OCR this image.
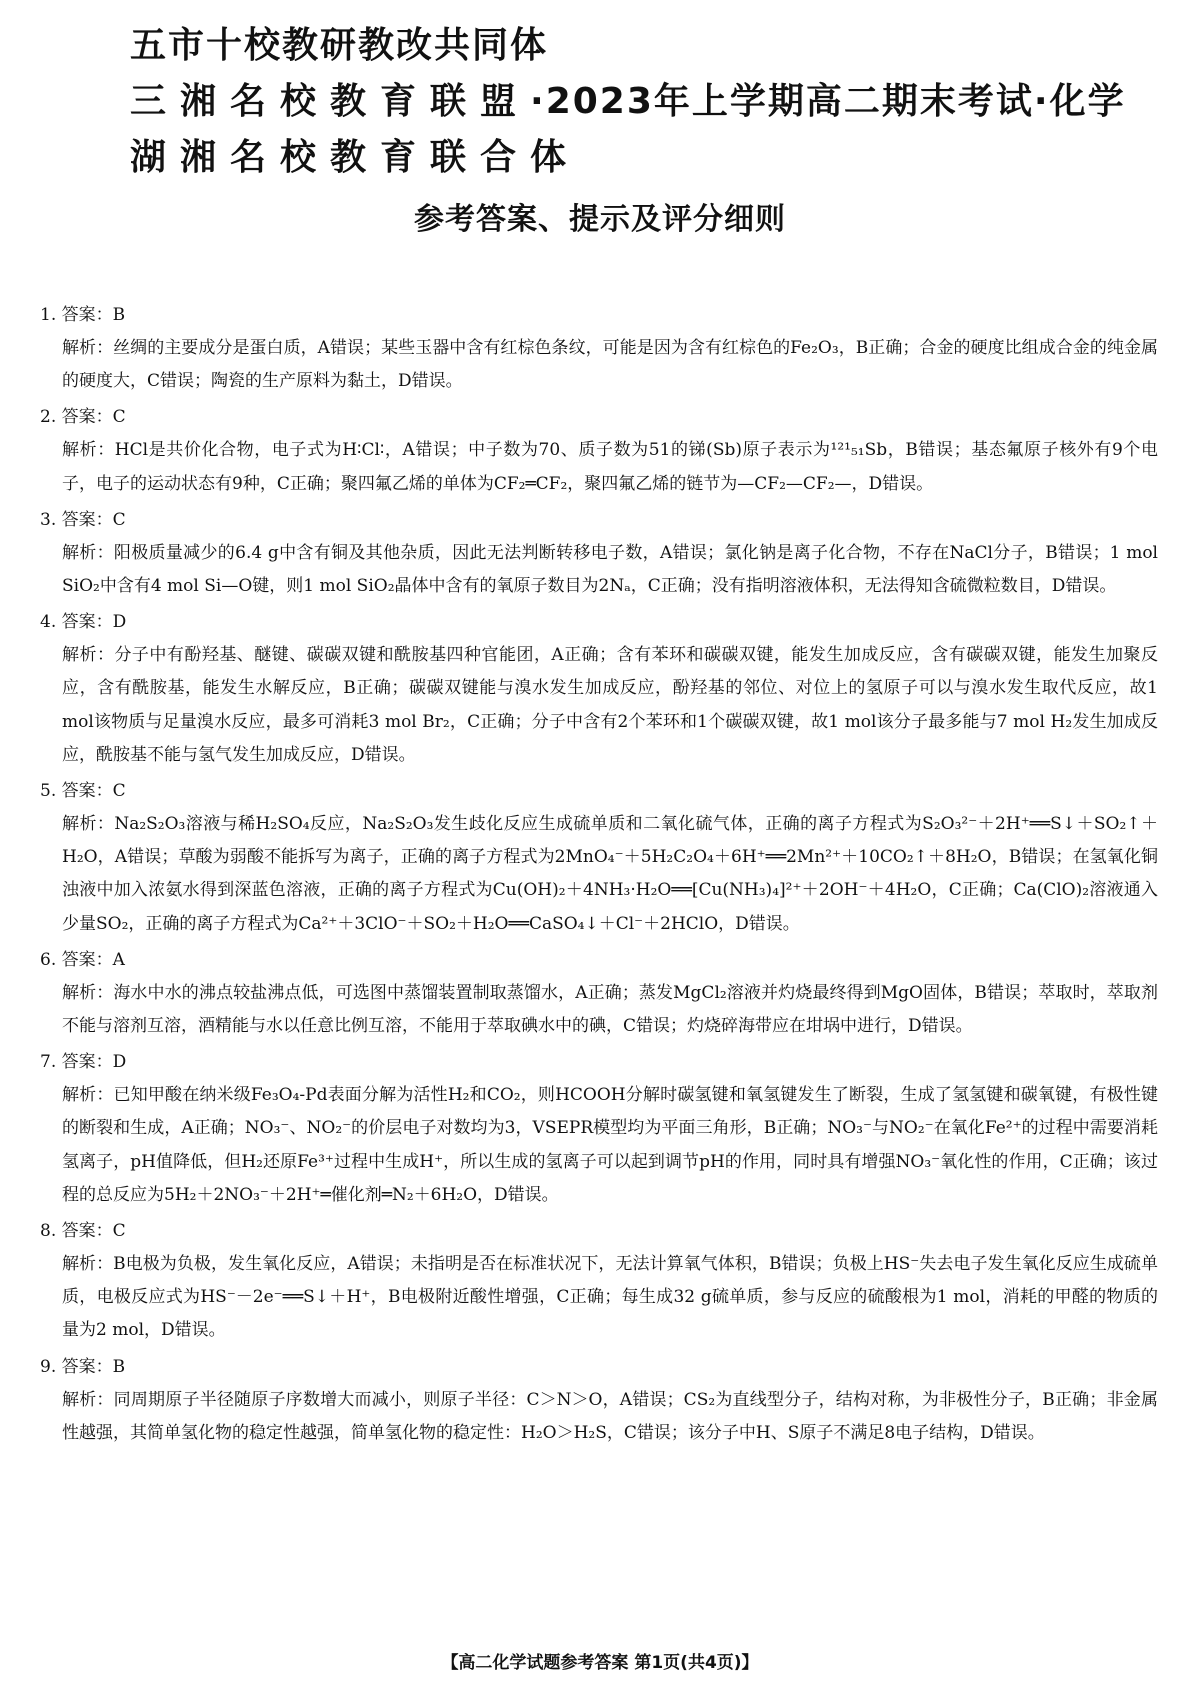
五市十校教研教改共同体
三湘名校教育联盟·2023年上学期高二期末考试·化学
湖湘名校教育联合体
参考答案、提示及评分细则
1. 答案：B
解析：丝绸的主要成分是蛋白质，A错误；某些玉器中含有红棕色条纹，可能是因为含有红棕色的Fe₂O₃，B正确；合金的硬度比组成合金的纯金属的硬度大，C错误；陶瓷的生产原料为黏土，D错误。
2. 答案：C
解析：HCl是共价化合物，电子式为H∶Cl∶，A错误；中子数为70、质子数为51的锑(Sb)原子表示为¹²¹₅₁Sb，B错误；基态氟原子核外有9个电子，电子的运动状态有9种，C正确；聚四氟乙烯的单体为CF₂═CF₂，聚四氟乙烯的链节为—CF₂—CF₂—，D错误。
3. 答案：C
解析：阳极质量减少的6.4 g中含有铜及其他杂质，因此无法判断转移电子数，A错误；氯化钠是离子化合物，不存在NaCl分子，B错误；1 mol SiO₂中含有4 mol Si—O键，则1 mol SiO₂晶体中含有的氧原子数目为2Nₐ，C正确；没有指明溶液体积，无法得知含硫微粒数目，D错误。
4. 答案：D
解析：分子中有酚羟基、醚键、碳碳双键和酰胺基四种官能团，A正确；含有苯环和碳碳双键，能发生加成反应，含有碳碳双键，能发生加聚反应，含有酰胺基，能发生水解反应，B正确；碳碳双键能与溴水发生加成反应，酚羟基的邻位、对位上的氢原子可以与溴水发生取代反应，故1 mol该物质与足量溴水反应，最多可消耗3 mol Br₂，C正确；分子中含有2个苯环和1个碳碳双键，故1 mol该分子最多能与7 mol H₂发生加成反应，酰胺基不能与氢气发生加成反应，D错误。
5. 答案：C
解析：Na₂S₂O₃溶液与稀H₂SO₄反应，Na₂S₂O₃发生歧化反应生成硫单质和二氧化硫气体，正确的离子方程式为S₂O₃²⁻＋2H⁺══S↓＋SO₂↑＋H₂O，A错误；草酸为弱酸不能拆写为离子，正确的离子方程式为2MnO₄⁻＋5H₂C₂O₄＋6H⁺══2Mn²⁺＋10CO₂↑＋8H₂O，B错误；在氢氧化铜浊液中加入浓氨水得到深蓝色溶液，正确的离子方程式为Cu(OH)₂＋4NH₃·H₂O══[Cu(NH₃)₄]²⁺＋2OH⁻＋4H₂O，C正确；Ca(ClO)₂溶液通入少量SO₂，正确的离子方程式为Ca²⁺＋3ClO⁻＋SO₂＋H₂O══CaSO₄↓＋Cl⁻＋2HClO，D错误。
6. 答案：A
解析：海水中水的沸点较盐沸点低，可选图中蒸馏装置制取蒸馏水，A正确；蒸发MgCl₂溶液并灼烧最终得到MgO固体，B错误；萃取时，萃取剂不能与溶剂互溶，酒精能与水以任意比例互溶，不能用于萃取碘水中的碘，C错误；灼烧碎海带应在坩埚中进行，D错误。
7. 答案：D
解析：已知甲酸在纳米级Fe₃O₄-Pd表面分解为活性H₂和CO₂，则HCOOH分解时碳氢键和氧氢键发生了断裂，生成了氢氢键和碳氧键，有极性键的断裂和生成，A正确；NO₃⁻、NO₂⁻的价层电子对数均为3，VSEPR模型均为平面三角形，B正确；NO₃⁻与NO₂⁻在氧化Fe²⁺的过程中需要消耗氢离子，pH值降低，但H₂还原Fe³⁺过程中生成H⁺，所以生成的氢离子可以起到调节pH的作用，同时具有增强NO₃⁻氧化性的作用，C正确；该过程的总反应为5H₂＋2NO₃⁻＋2H⁺═催化剂═N₂＋6H₂O，D错误。
8. 答案：C
解析：B电极为负极，发生氧化反应，A错误；未指明是否在标准状况下，无法计算氧气体积，B错误；负极上HS⁻失去电子发生氧化反应生成硫单质，电极反应式为HS⁻－2e⁻══S↓＋H⁺，B电极附近酸性增强，C正确；每生成32 g硫单质，参与反应的硫酸根为1 mol，消耗的甲醛的物质的量为2 mol，D错误。
9. 答案：B
解析：同周期原子半径随原子序数增大而减小，则原子半径：C＞N＞O，A错误；CS₂为直线型分子，结构对称，为非极性分子，B正确；非金属性越强，其简单氢化物的稳定性越强，简单氢化物的稳定性：H₂O＞H₂S，C错误；该分子中H、S原子不满足8电子结构，D错误。
【高二化学试题参考答案 第1页(共4页)】
